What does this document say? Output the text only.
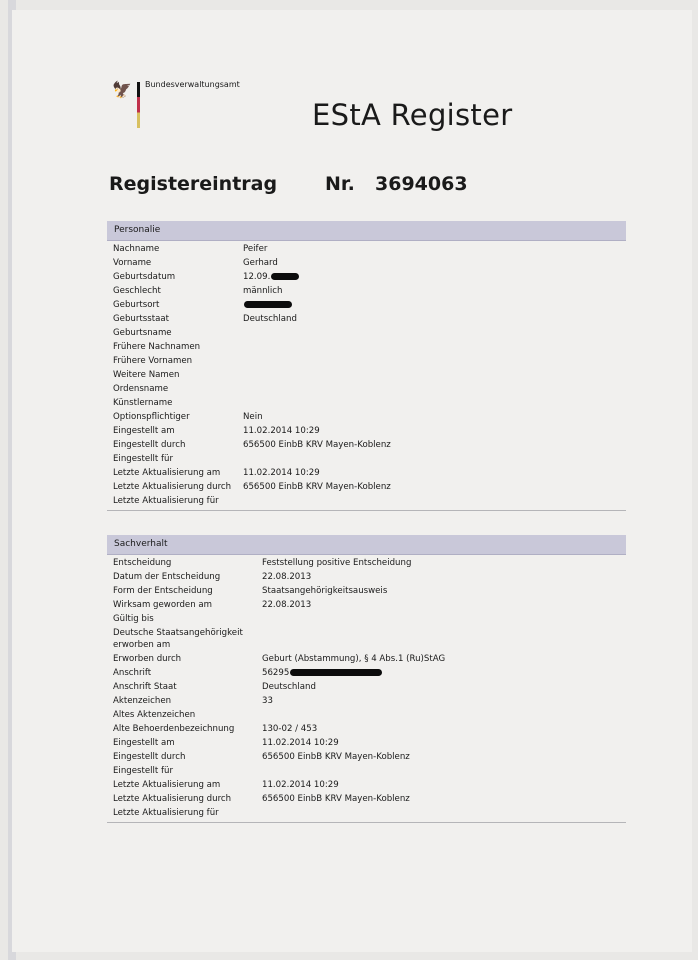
🦅 Bundesverwaltungsamt
EStA Register
Registereintrag	Nr. 3694063
Personalie
Nachname	Peifer
Vorname	Gerhard
Geburtsdatum	12.09.
Geschlecht	männlich
Geburtsort
Geburtsstaat	Deutschland
Geburtsname
Frühere Nachnamen
Frühere Vornamen
Weitere Namen
Ordensname
Künstlername
Optionspflichtiger	Nein
Eingestellt am	11.02.2014 10:29
Eingestellt durch	656500 EinbB KRV Mayen-Koblenz
Eingestellt für
Letzte Aktualisierung am	11.02.2014 10:29
Letzte Aktualisierung durch	656500 EinbB KRV Mayen-Koblenz
Letzte Aktualisierung für
Sachverhalt
Entscheidung	Feststellung positive Entscheidung
Datum der Entscheidung	22.08.2013
Form der Entscheidung	Staatsangehörigkeitsausweis
Wirksam geworden am	22.08.2013
Gültig bis
Deutsche Staatsangehörigkeit erworben am
Erworben durch	Geburt (Abstammung), § 4 Abs.1 (Ru)StAG
Anschrift	56295
Anschrift Staat	Deutschland
Aktenzeichen	33
Altes Aktenzeichen
Alte Behoerdenbezeichnung	130-02 / 453
Eingestellt am	11.02.2014 10:29
Eingestellt durch	656500 EinbB KRV Mayen-Koblenz
Eingestellt für
Letzte Aktualisierung am	11.02.2014 10:29
Letzte Aktualisierung durch	656500 EinbB KRV Mayen-Koblenz
Letzte Aktualisierung für
